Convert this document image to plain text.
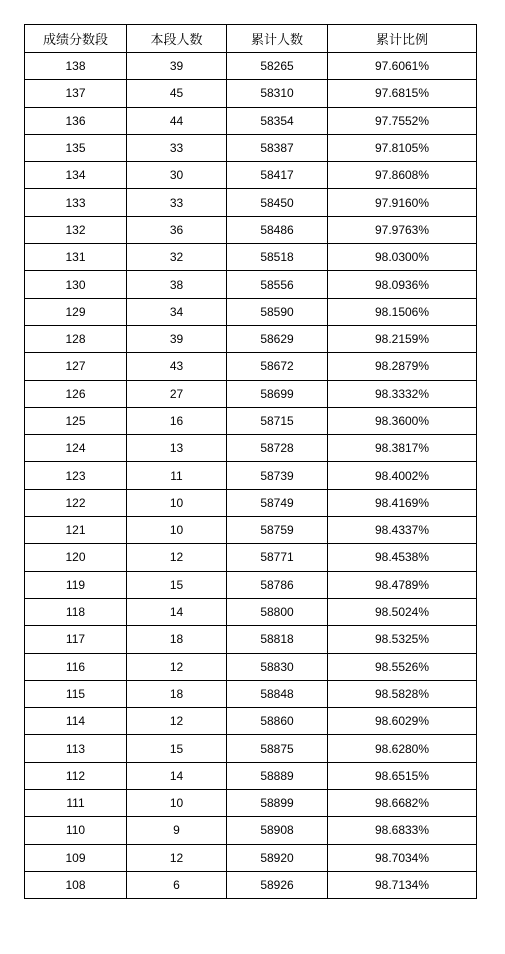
成绩分数段	本段人数	累计人数	累计比例
138	39	58265	97.6061%
137	45	58310	97.6815%
136	44	58354	97.7552%
135	33	58387	97.8105%
134	30	58417	97.8608%
133	33	58450	97.9160%
132	36	58486	97.9763%
131	32	58518	98.0300%
130	38	58556	98.0936%
129	34	58590	98.1506%
128	39	58629	98.2159%
127	43	58672	98.2879%
126	27	58699	98.3332%
125	16	58715	98.3600%
124	13	58728	98.3817%
123	11	58739	98.4002%
122	10	58749	98.4169%
121	10	58759	98.4337%
120	12	58771	98.4538%
119	15	58786	98.4789%
118	14	58800	98.5024%
117	18	58818	98.5325%
116	12	58830	98.5526%
115	18	58848	98.5828%
114	12	58860	98.6029%
113	15	58875	98.6280%
112	14	58889	98.6515%
111	10	58899	98.6682%
110	9	58908	98.6833%
109	12	58920	98.7034%
108	6	58926	98.7134%
